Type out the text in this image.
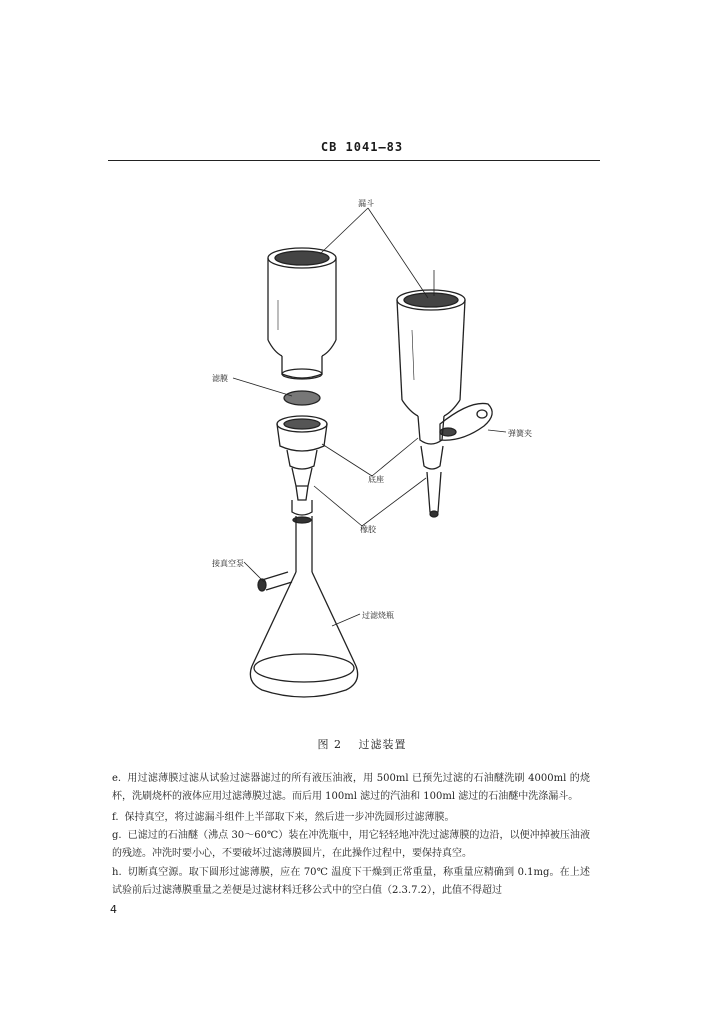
CB 1041—83
漏斗
滤膜
弹簧夹
底座
橡胶
接真空泵
过滤烧瓶
图 2 过滤装置
e. 用过滤薄膜过滤从试验过滤器滤过的所有液压油液，用 500ml 已预先过滤的石油醚洗刷 4000ml 的烧杯，洗刷烧杯的液体应用过滤薄膜过滤。而后用 100ml 滤过的汽油和 100ml 滤过的石油醚中洗涤漏斗。
f. 保持真空，将过滤漏斗组件上半部取下来，然后进一步冲洗圆形过滤薄膜。
g. 已滤过的石油醚（沸点 30～60℃）装在冲洗瓶中，用它轻轻地冲洗过滤薄膜的边沿，以便冲掉被压油液的残迹。冲洗时要小心，不要破坏过滤薄膜圆片，在此操作过程中，要保持真空。
h. 切断真空源。取下圆形过滤薄膜，应在 70℃ 温度下干燥到正常重量，称重量应精确到 0.1mg。在上述试验前后过滤薄膜重量之差便是过滤材料迁移公式中的空白值（2.3.7.2），此值不得超过
4
